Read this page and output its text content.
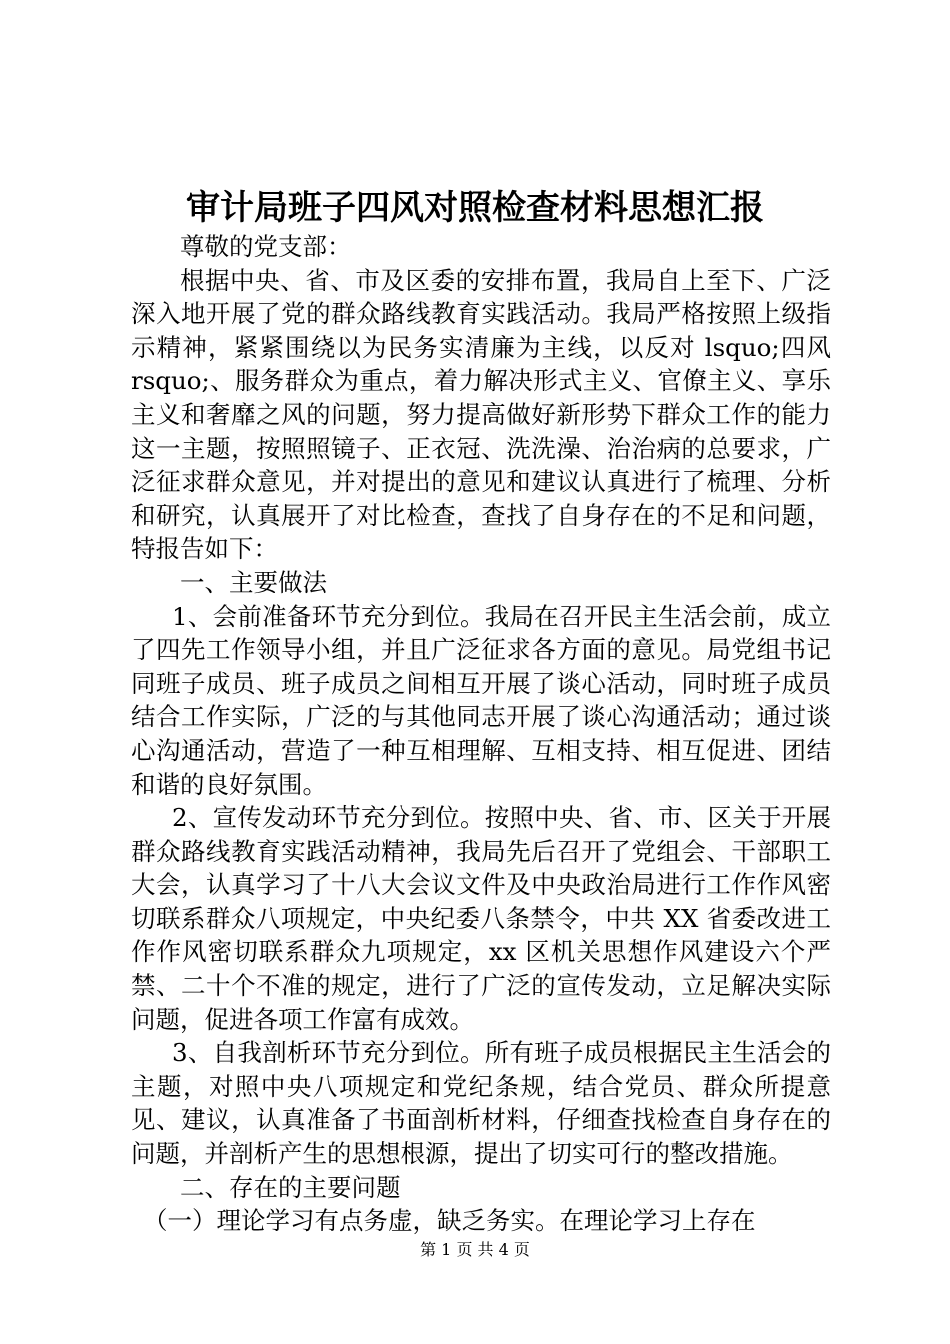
审计局班子四风对照检查材料思想汇报

尊敬的党支部：

根据中央、省、市及区委的安排布置，我局自上至下、广泛深入地开展了党的群众路线教育实践活动。我局严格按照上级指示精神，紧紧围绕以为民务实清廉为主线，以反对 lsquo;四风 rsquo;、服务群众为重点，着力解决形式主义、官僚主义、享乐主义和奢靡之风的问题，努力提高做好新形势下群众工作的能力这一主题，按照照镜子、正衣冠、洗洗澡、治治病的总要求，广泛征求群众意见，并对提出的意见和建议认真进行了梳理、分析和研究，认真展开了对比检查，查找了自身存在的不足和问题，特报告如下：

一、主要做法

1、会前准备环节充分到位。我局在召开民主生活会前，成立了四先工作领导小组，并且广泛征求各方面的意见。局党组书记同班子成员、班子成员之间相互开展了谈心活动，同时班子成员结合工作实际，广泛的与其他同志开展了谈心沟通活动；通过谈心沟通活动，营造了一种互相理解、互相支持、相互促进、团结和谐的良好氛围。

2、宣传发动环节充分到位。按照中央、省、市、区关于开展群众路线教育实践活动精神，我局先后召开了党组会、干部职工大会，认真学习了十八大会议文件及中央政治局进行工作作风密切联系群众八项规定，中央纪委八条禁令，中共 XX 省委改进工作作风密切联系群众九项规定，xx 区机关思想作风建设六个严禁、二十个不准的规定，进行了广泛的宣传发动，立足解决实际问题，促进各项工作富有成效。

3、自我剖析环节充分到位。所有班子成员根据民主生活会的主题，对照中央八项规定和党纪条规，结合党员、群众所提意见、建议，认真准备了书面剖析材料，仔细查找检查自身存在的问题，并剖析产生的思想根源，提出了切实可行的整改措施。

二、存在的主要问题

（一）理论学习有点务虚，缺乏务实。在理论学习上存在

第 1 页 共 4 页
